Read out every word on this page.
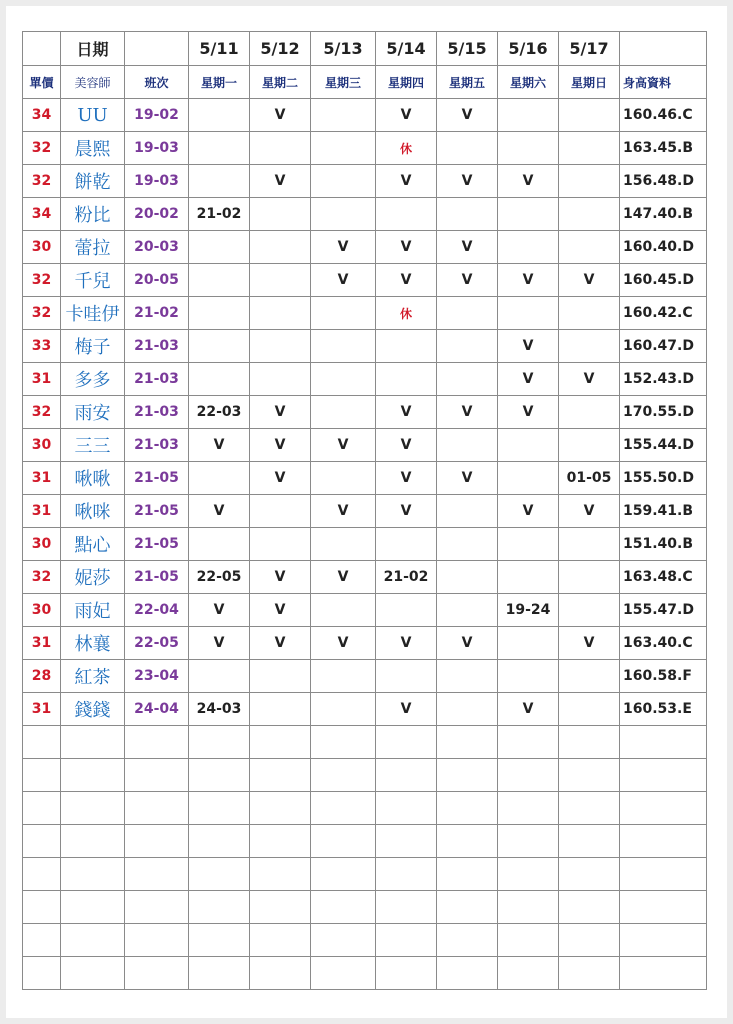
	日期		5/11	5/12	5/13	5/14	5/15	5/16	5/17	
單價	美容師	班次	星期一	星期二	星期三	星期四	星期五	星期六	星期日	身高資料
34	UU	19-02		V		V	V			160.46.C
32	晨熙	19-03				休				163.45.B
32	餅乾	19-03		V		V	V	V		156.48.D
34	粉比	20-02	21-02							147.40.B
30	蕾拉	20-03			V	V	V			160.40.D
32	千兒	20-05			V	V	V	V	V	160.45.D
32	卡哇伊	21-02				休				160.42.C
33	梅子	21-03						V		160.47.D
31	多多	21-03						V	V	152.43.D
32	雨安	21-03	22-03	V		V	V	V		170.55.D
30	三三	21-03	V	V	V	V				155.44.D
31	啾啾	21-05		V		V	V		01-05	155.50.D
31	啾咪	21-05	V		V	V		V	V	159.41.B
30	點心	21-05								151.40.B
32	妮莎	21-05	22-05	V	V	21-02				163.48.C
30	雨妃	22-04	V	V				19-24		155.47.D
31	林襄	22-05	V	V	V	V	V		V	163.40.C
28	紅茶	23-04								160.58.F
31	錢錢	24-04	24-03			V		V		160.53.E
